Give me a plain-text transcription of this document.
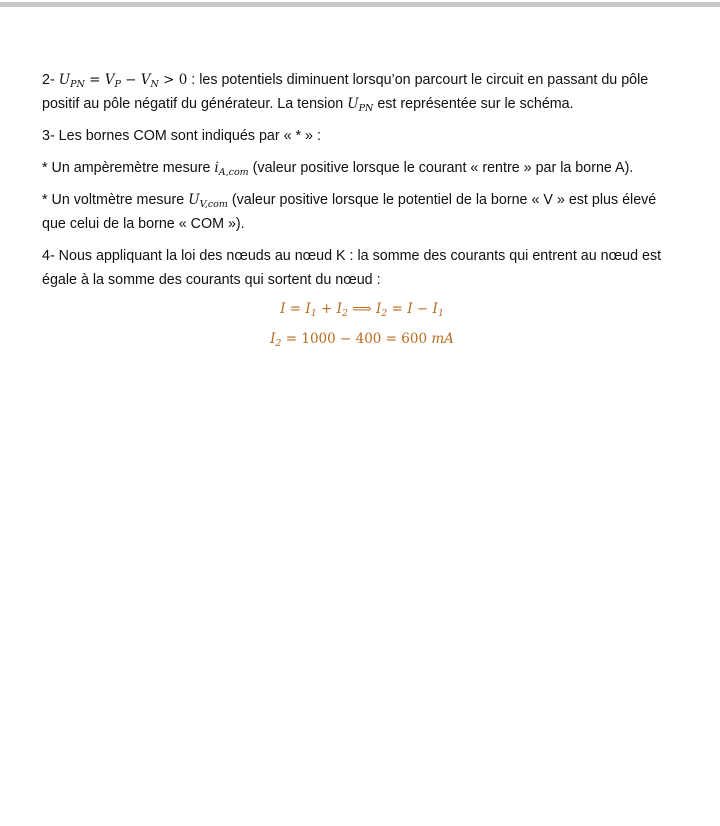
2- $U_{PN} = V_P - V_N > 0$ : les potentiels diminuent lorsqu’on parcourt le circuit en passant du pôle positif au pôle négatif du générateur. La tension $U_{PN}$ est représentée sur le schéma.

3- Les bornes COM sont indiqués par « * » :

* Un ampèremètre mesure $i_{A,com}$ (valeur positive lorsque le courant « rentre » par la borne A).

* Un voltmètre mesure $U_{V,com}$ (valeur positive lorsque le potentiel de la borne « V » est plus élevé que celui de la borne « COM »).

4- Nous appliquant la loi des nœuds au nœud K : la somme des courants qui entrent au nœud est égale à la somme des courants qui sortent du nœud :

$I = I_1 + I_2$ ⟹ $I_2 = I - I_1$

$I_2 = 1000 - 400 = 600$ mA
